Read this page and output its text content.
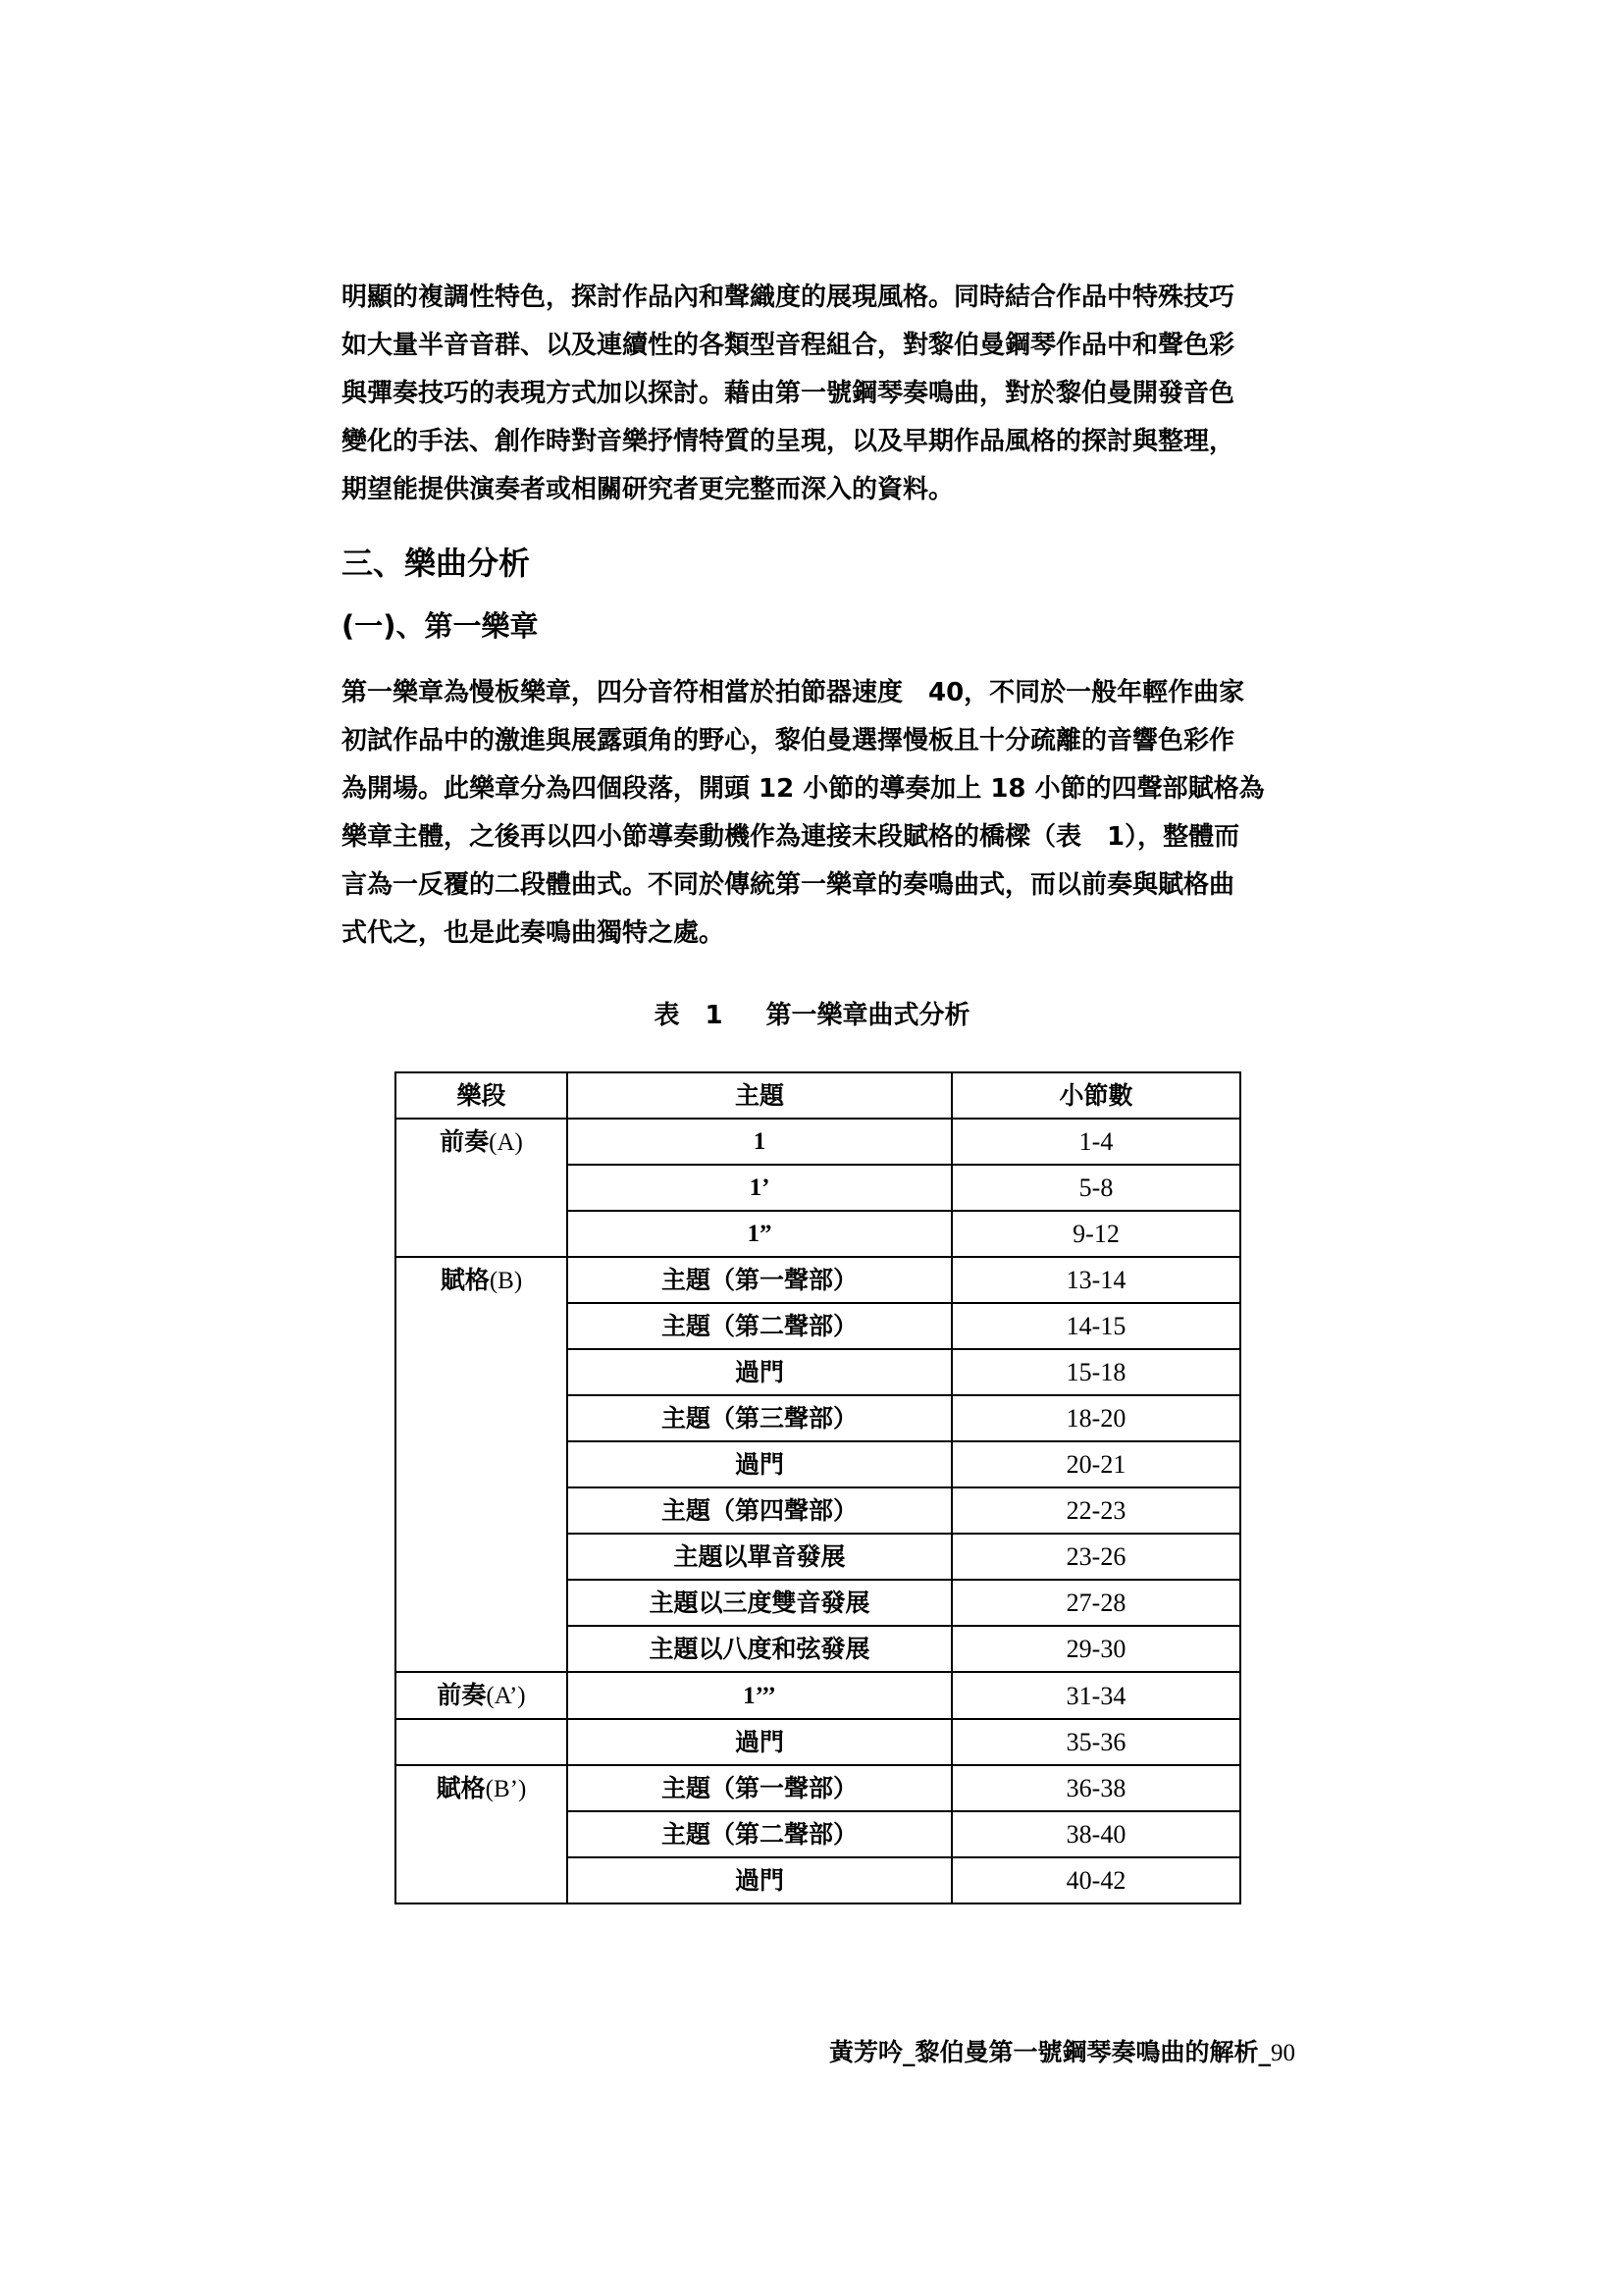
明顯的複調性特色，探討作品內和聲織度的展現風格。同時結合作品中特殊技巧
如大量半音音群、以及連續性的各類型音程組合，對黎伯曼鋼琴作品中和聲色彩
與彈奏技巧的表現方式加以探討。藉由第一號鋼琴奏鳴曲，對於黎伯曼開發音色
變化的手法、創作時對音樂抒情特質的呈現，以及早期作品風格的探討與整理，
期望能提供演奏者或相關研究者更完整而深入的資料。

三、樂曲分析
(一)、第一樂章

第一樂章為慢板樂章，四分音符相當於拍節器速度　40，不同於一般年輕作曲家
初試作品中的激進與展露頭角的野心，黎伯曼選擇慢板且十分疏離的音響色彩作
為開場。此樂章分為四個段落，開頭 12 小節的導奏加上 18 小節的四聲部賦格為
樂章主體，之後再以四小節導奏動機作為連接末段賦格的橋樑（表　1），整體而
言為一反覆的二段體曲式。不同於傳統第一樂章的奏鳴曲式，而以前奏與賦格曲
式代之，也是此奏鳴曲獨特之處。

表　1 第一樂章曲式分析
樂段	主題	小節數
前奏(A)	1	1-4
	1’	5-8
	1”	9-12
賦格(B)	主題（第一聲部）	13-14
	主題（第二聲部）	14-15
	過門	15-18
	主題（第三聲部）	18-20
	過門	20-21
	主題（第四聲部）	22-23
	主題以單音發展	23-26
	主題以三度雙音發展	27-28
	主題以八度和弦發展	29-30
前奏(A’)	1’’’	31-34
	過門	35-36
賦格(B’)	主題（第一聲部）	36-38
	主題（第二聲部）	38-40
	過門	40-42
黃芳吟_黎伯曼第一號鋼琴奏鳴曲的解析_90
